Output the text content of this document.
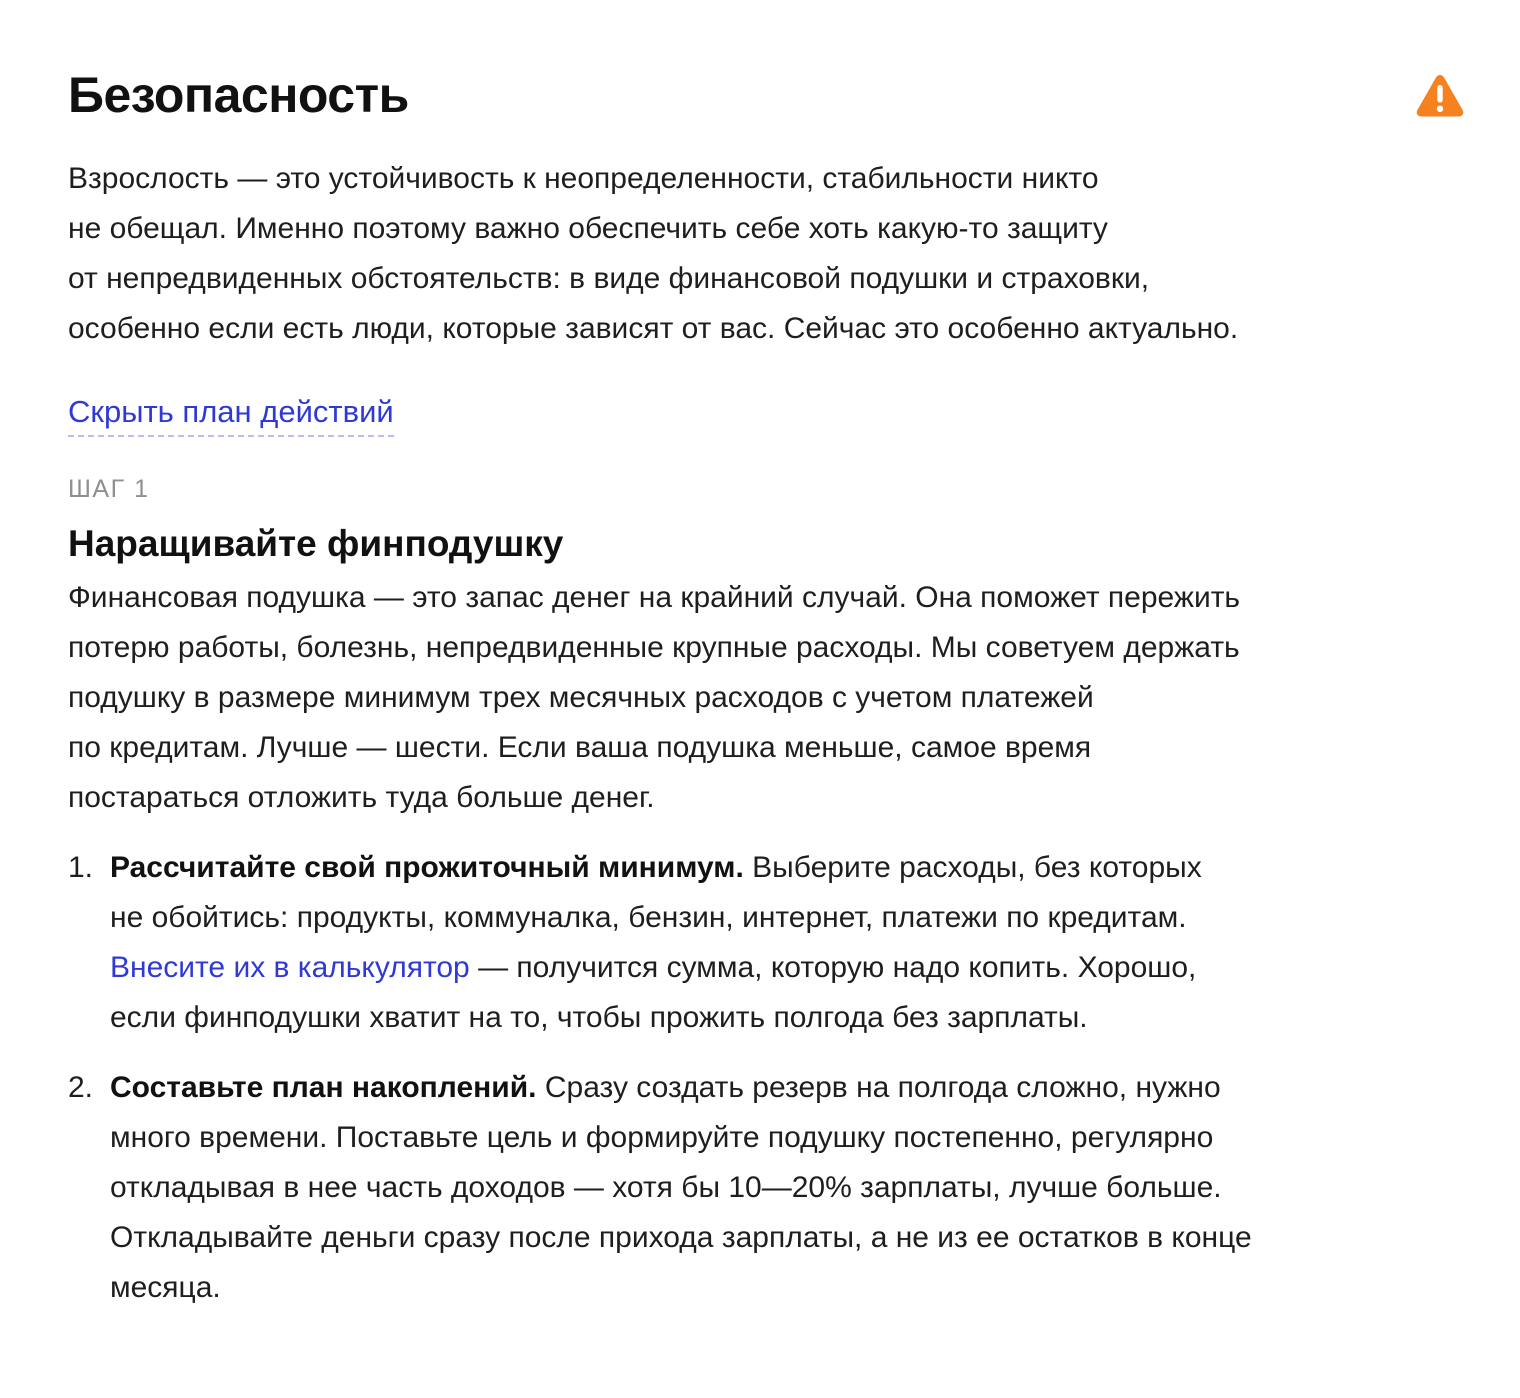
Безопасность

Взрослость — это устойчивость к неопределенности, стабильности никто
не обещал. Именно поэтому важно обеспечить себе хоть какую-то защиту
от непредвиденных обстоятельств: в виде финансовой подушки и страховки,
особенно если есть люди, которые зависят от вас. Сейчас это особенно актуально.

Скрыть план действий
ШАГ 1
Наращивайте финподушку

Финансовая подушка — это запас денег на крайний случай. Она поможет пережить
потерю работы, болезнь, непредвиденные крупные расходы. Мы советуем держать
подушку в размере минимум трех месячных расходов с учетом платежей
по кредитам. Лучше — шести. Если ваша подушка меньше, самое время
постараться отложить туда больше денег.

1. Рассчитайте свой прожиточный минимум. Выберите расходы, без которых
не обойтись: продукты, коммуналка, бензин, интернет, платежи по кредитам.
Внесите их в калькулятор — получится сумма, которую надо копить. Хорошо,
если финподушки хватит на то, чтобы прожить полгода без зарплаты.
2. Составьте план накоплений. Сразу создать резерв на полгода сложно, нужно
много времени. Поставьте цель и формируйте подушку постепенно, регулярно
откладывая в нее часть доходов — хотя бы 10—20% зарплаты, лучше больше.
Откладывайте деньги сразу после прихода зарплаты, а не из ее остатков в конце
месяца.
